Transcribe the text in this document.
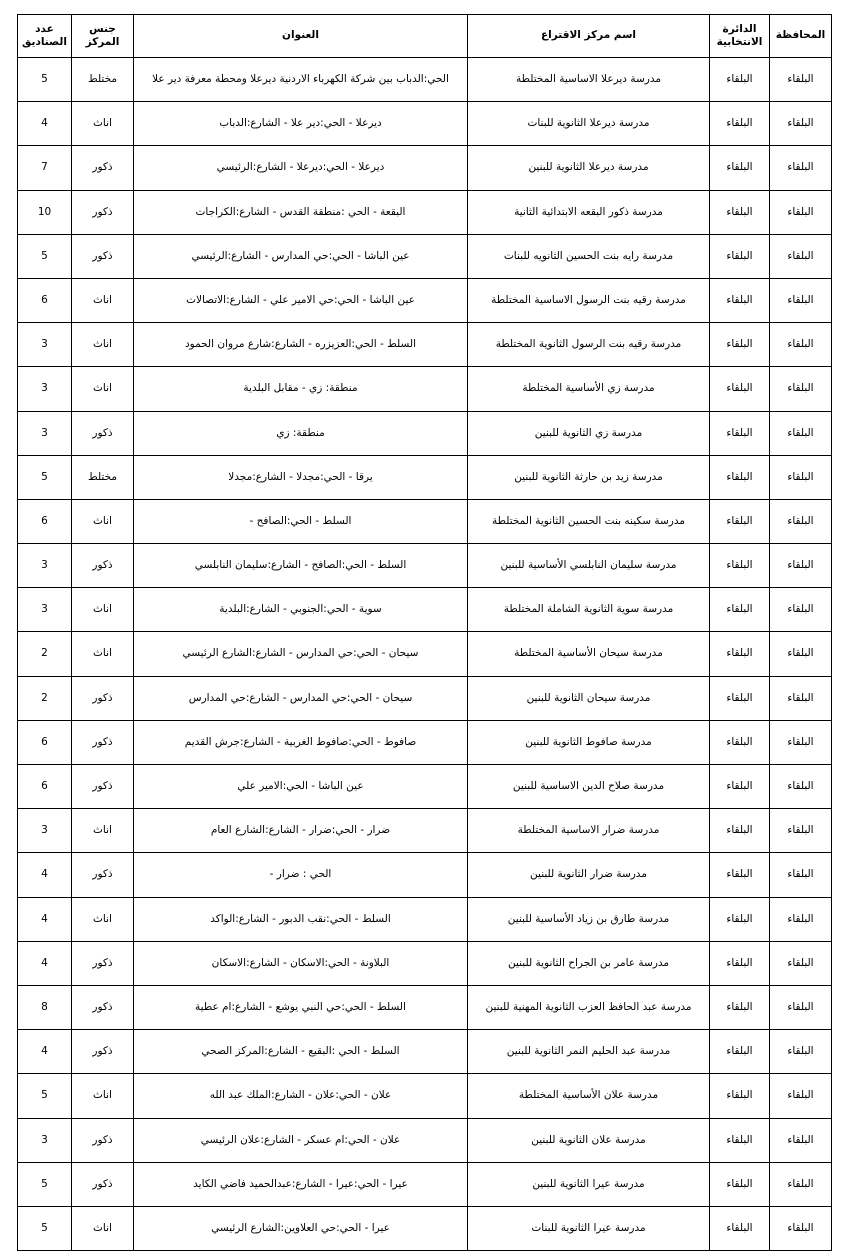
المحافظة	الدائرة الانتخابية	اسم مركز الاقتراع	العنوان	جنس المركز	عدد الصناديق
البلقاء	البلقاء	مدرسة ديرعلا الاساسية المختلطة	الحي:الدباب بين شركة الكهرباء الاردنية ديرعلا ومحطة معرفة دير علا	مختلط	5
البلقاء	البلقاء	مدرسة ديرعلا الثانوية للبنات	ديرعلا - الحي:دير علا - الشارع:الدباب	اناث	4
البلقاء	البلقاء	مدرسة ديرعلا الثانوية للبنين	ديرعلا - الحي:ديرعلا - الشارع:الرئيسي	ذكور	7
البلقاء	البلقاء	مدرسة ذكور البقعه الابتدائية الثانية	البقعة - الحي :منطقة القدس - الشارع:الكراجات	ذكور	10
البلقاء	البلقاء	مدرسة رايه بنت الحسين الثانويه للبنات	عين الباشا - الحي:حي المدارس - الشارع:الرئيسي	ذكور	5
البلقاء	البلقاء	مدرسة رقيه بنت الرسول الاساسية المختلطة	عين الباشا - الحي:حي الامير علي - الشارع:الاتصالات	اناث	6
البلقاء	البلقاء	مدرسة رقيه بنت الرسول الثانوية المختلطة	السلط - الحي:العزيزره - الشارع:شارع مروان الحمود	اناث	3
البلقاء	البلقاء	مدرسة زي الأساسية المختلطة	منطقة: زي - مقابل البلدية	اناث	3
البلقاء	البلقاء	مدرسة زي الثانوية للبنين	منطقة: زي	ذكور	3
البلقاء	البلقاء	مدرسة زيد بن حارثة الثانوية للبنين	يرقا - الحي:مجدلا - الشارع:مجدلا	مختلط	5
البلقاء	البلقاء	مدرسة سكينه بنت الحسين الثانوية المختلطة	السلط - الحي:الصافح -	اناث	6
البلقاء	البلقاء	مدرسة سليمان النابلسي الأساسية للبنين	السلط - الحي:الصافح - الشارع:سليمان النابلسي	ذكور	3
البلقاء	البلقاء	مدرسة سوية الثانوية الشاملة المختلطة	سوية - الحي:الجنوبي - الشارع:البلدية	اناث	3
البلقاء	البلقاء	مدرسة سيحان الأساسية المختلطة	سيحان - الحي:حي المدارس - الشارع:الشارع الرئيسي	اناث	2
البلقاء	البلقاء	مدرسة سيحان الثانوية للبنين	سيحان - الحي:حي المدارس - الشارع:حي المدارس	ذكور	2
البلقاء	البلقاء	مدرسة صافوط الثانوية للبنين	صافوط - الحي:صافوط الغربية - الشارع:جرش القديم	ذكور	6
البلقاء	البلقاء	مدرسة صلاح الدين الاساسية للبنين	عين الباشا - الحي:الامير علي	ذكور	6
البلقاء	البلقاء	مدرسة ضرار الاساسية المختلطة	ضرار - الحي:ضرار - الشارع:الشارع العام	اناث	3
البلقاء	البلقاء	مدرسة ضرار الثانوية للبنين	الحي : ضرار -	ذكور	4
البلقاء	البلقاء	مدرسة طارق بن زياد الأساسية للبنين	السلط - الحي:نقب الدبور - الشارع:الواكد	اناث	4
البلقاء	البلقاء	مدرسة عامر بن الجراح الثانوية للبنين	البلاونة - الحي:الاسكان - الشارع:الاسكان	ذكور	4
البلقاء	البلقاء	مدرسة عبد الحافظ العزب الثانوية المهنية للبنين	السلط - الحي:حي النبي يوشع - الشارع:ام عطية	ذكور	8
البلقاء	البلقاء	مدرسة عبد الحليم النمر الثانوية للبنين	السلط - الحي :البقيع - الشارع:المركز الصحي	ذكور	4
البلقاء	البلقاء	مدرسة علان الأساسية المختلطة	علان - الحي:علان - الشارع:الملك عبد الله	اناث	5
البلقاء	البلقاء	مدرسة علان الثانوية للبنين	علان - الحي:ام عسكر - الشارع:علان الرئيسي	ذكور	3
البلقاء	البلقاء	مدرسة عيرا الثانوية للبنين	عيرا - الحي:عيرا - الشارع:عبدالحميد فاضي الكايد	ذكور	5
البلقاء	البلقاء	مدرسة عيرا الثانوية للبنات	عيرا - الحي:حي العلاوين:الشارع الرئيسي	اناث	5
